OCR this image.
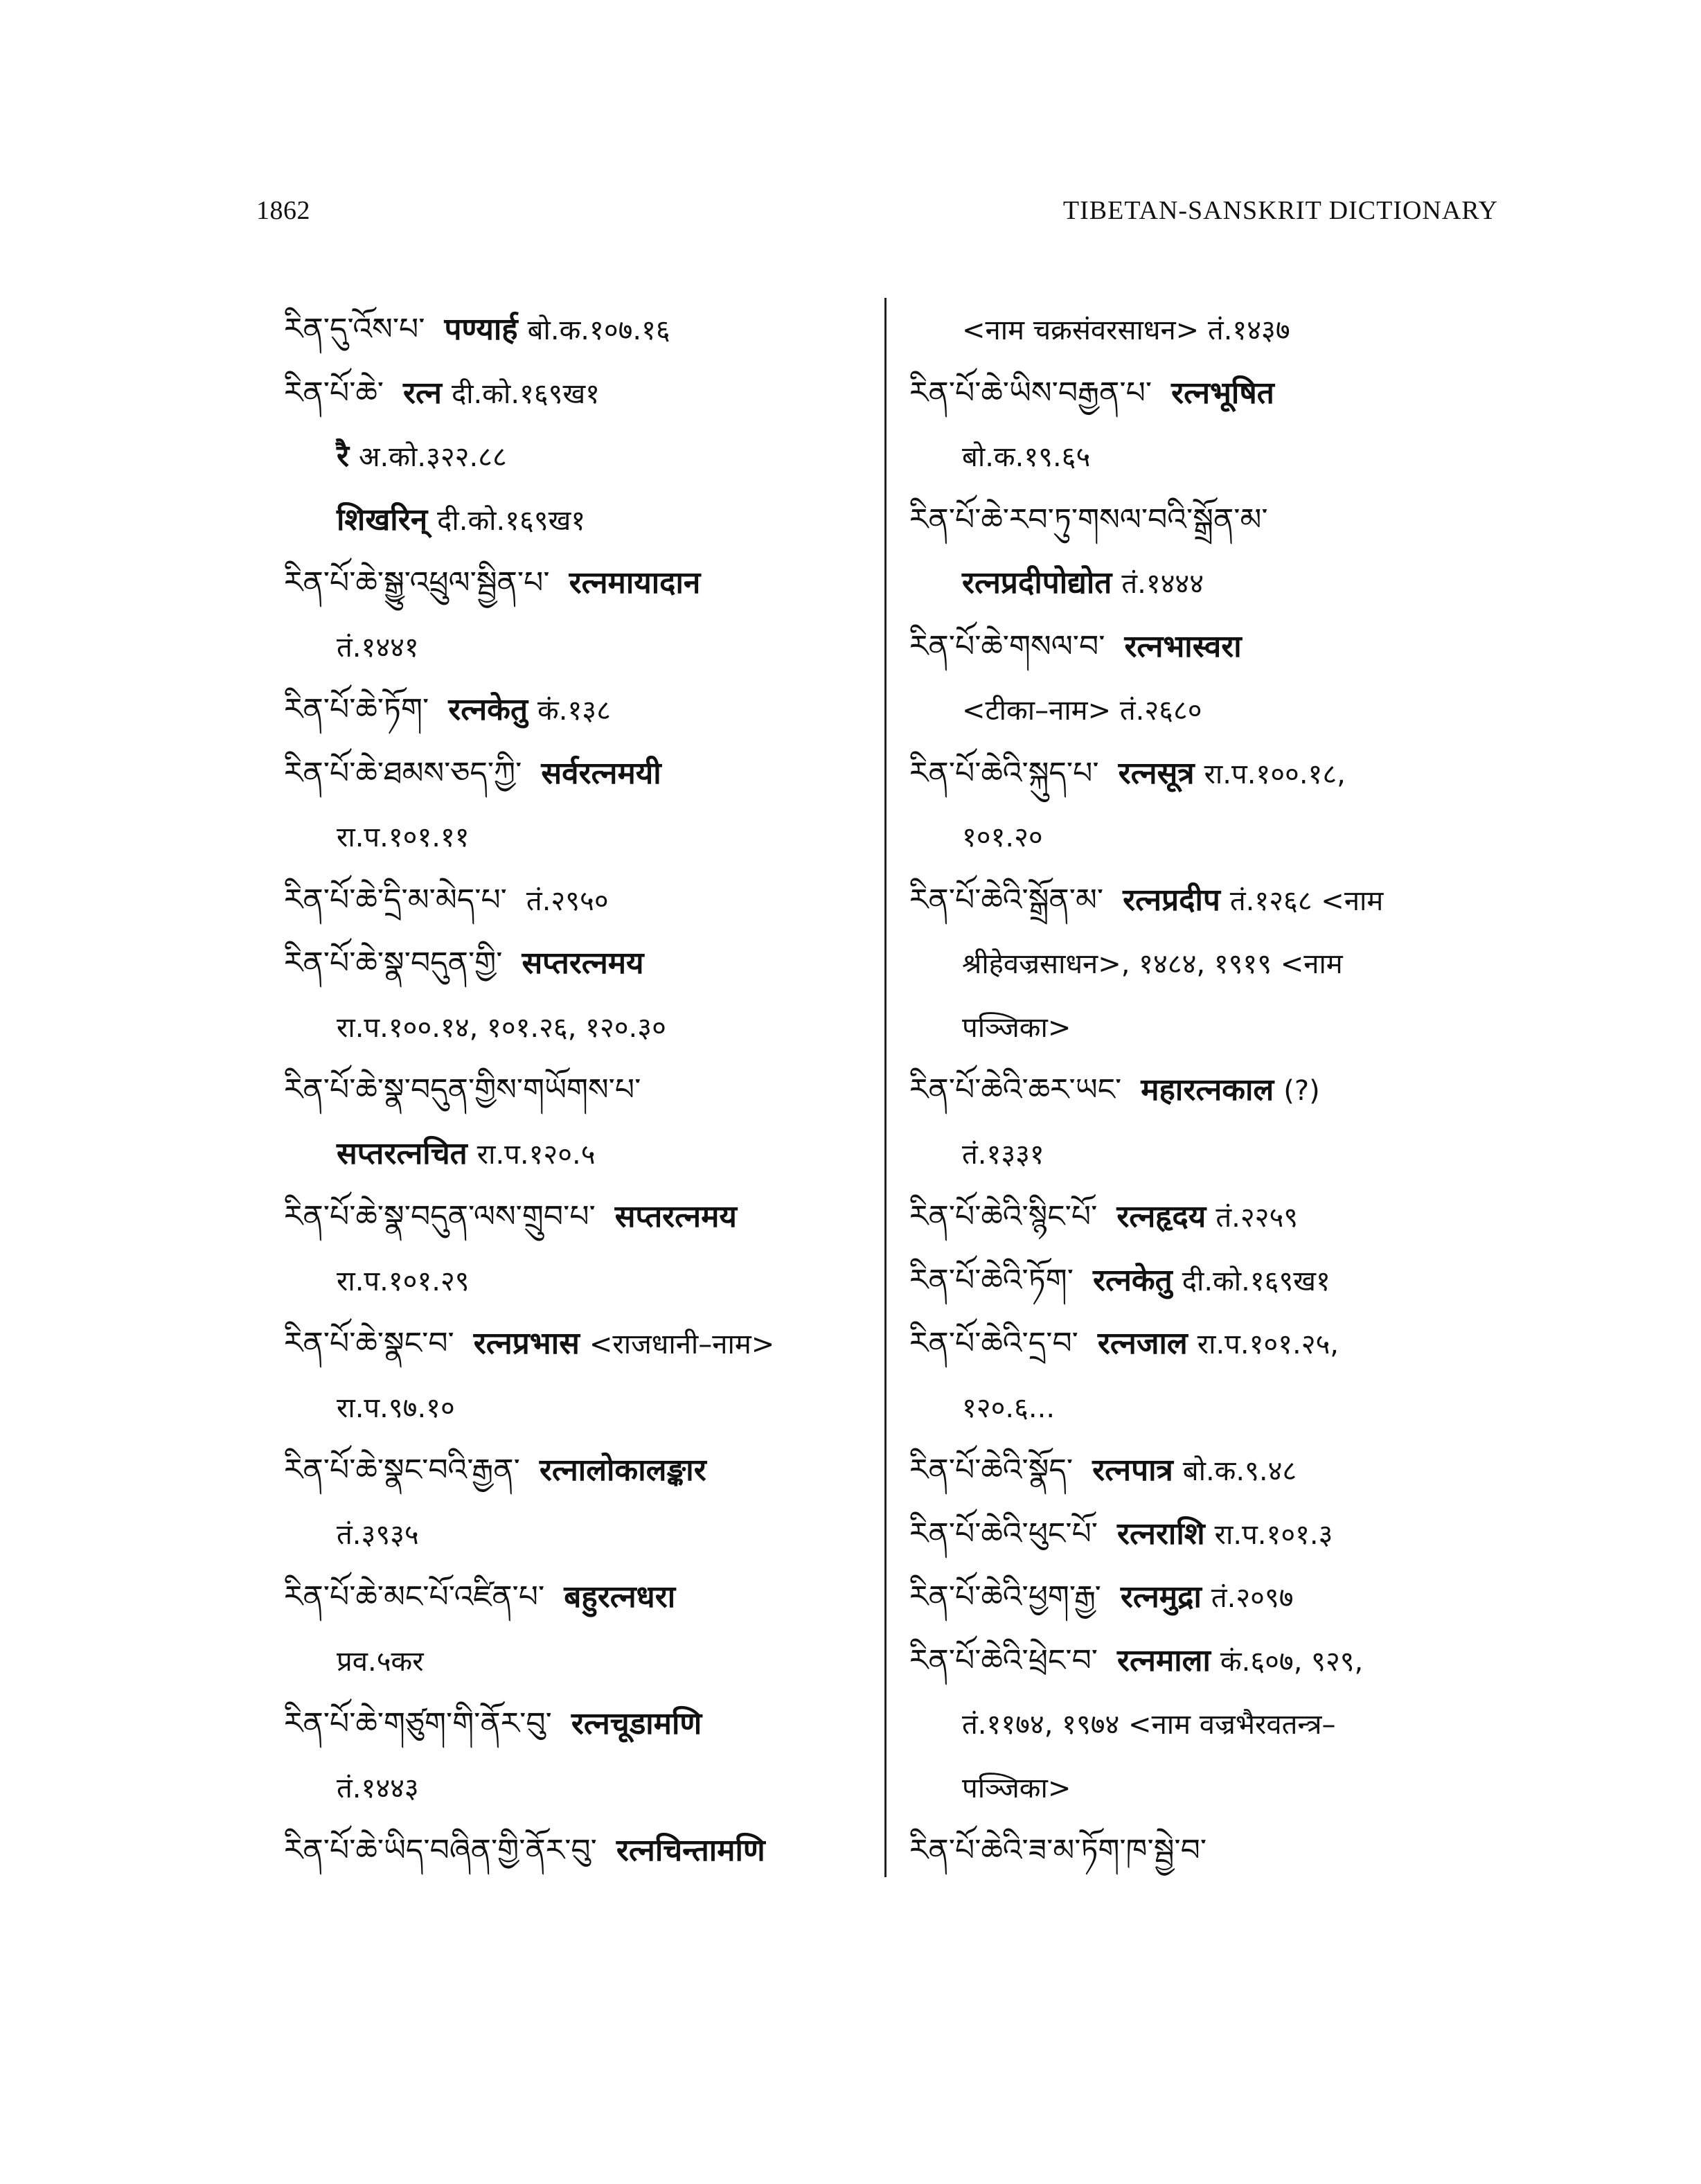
1862	TIBETAN-SANSKRIT DICTIONARY
རིན་དུ་འོས་པ་ पण्यार्ह बो.क.१०७.१६
རིན་པོ་ཆེ་ रत्न दी.को.१६९ख१
रै अ.को.३२२.८८
शिखरिन् दी.को.१६९ख१
རིན་པོ་ཆེ་སྒྱུ་འཕྲུལ་སྦྱིན་པ་ रत्नमायादान
तं.१४४१
རིན་པོ་ཆེ་ཏོག་ रत्नकेतु कं.१३८
རིན་པོ་ཆེ་ཐམས་ཅད་ཀྱི་ सर्वरत्नमयी
रा.प.१०१.११
རིན་པོ་ཆེ་དྲི་མ་མེད་པ་ तं.२९५०
རིན་པོ་ཆེ་སྣ་བདུན་གྱི་ सप्तरत्नमय
रा.प.१००.१४, १०१.२६, १२०.३०
རིན་པོ་ཆེ་སྣ་བདུན་གྱིས་གཡོགས་པ་
सप्तरत्नचित रा.प.१२०.५
རིན་པོ་ཆེ་སྣ་བདུན་ལས་གྲུབ་པ་ सप्तरत्नमय
रा.प.१०१.२९
རིན་པོ་ཆེ་སྣང་བ་ रत्नप्रभास <राजधानी–नाम>
रा.प.९७.१०
རིན་པོ་ཆེ་སྣང་བའི་རྒྱན་ रत्नालोकालङ्कार
तं.३९३५
རིན་པོ་ཆེ་མང་པོ་འཛིན་པ་ बहुरत्नधरा
प्रव.५कर
རིན་པོ་ཆེ་གཙུག་གི་ནོར་བུ་ रत्नचूडामणि
तं.१४४३
རིན་པོ་ཆེ་ཡིད་བཞིན་གྱི་ནོར་བུ་ रत्नचिन्तामणि
<नाम चक्रसंवरसाधन> तं.१४३७
རིན་པོ་ཆེ་ཡིས་བརྒྱན་པ་ रत्नभूषित
बो.क.१९.६५
རིན་པོ་ཆེ་རབ་ཏུ་གསལ་བའི་སྒྲོན་མ་
रत्नप्रदीपोद्योत तं.१४४४
རིན་པོ་ཆེ་གསལ་བ་ रत्नभास्वरा
<टीका–नाम> तं.२६८०
རིན་པོ་ཆེའི་སྐུད་པ་ रत्नसूत्र रा.प.१००.१८,
१०१.२०
རིན་པོ་ཆེའི་སྒྲོན་མ་ रत्नप्रदीप तं.१२६८ <नाम
श्रीहेवज्रसाधन>, १४८४, १९१९ <नाम
पञ्जिका>
རིན་པོ་ཆེའི་ཆར་ཡང་ महारत्नकाल (?)
तं.१३३१
རིན་པོ་ཆེའི་སྙིང་པོ་ रत्नहृदय तं.२२५९
རིན་པོ་ཆེའི་ཏོག་ रत्नकेतु दी.को.१६९ख१
རིན་པོ་ཆེའི་དྲ་བ་ रत्नजाल रा.प.१०१.२५,
१२०.६...
རིན་པོ་ཆེའི་སྣོད་ रत्नपात्र बो.क.९.४८
རིན་པོ་ཆེའི་ཕུང་པོ་ रत्नराशि रा.प.१०१.३
རིན་པོ་ཆེའི་ཕྱག་རྒྱ་ रत्नमुद्रा तं.२०९७
རིན་པོ་ཆེའི་ཕྲེང་བ་ रत्नमाला कं.६०७, ९२९,
तं.११७४, १९७४ <नाम वज्रभैरवतन्त्र–
पञ्जिका>
རིན་པོ་ཆེའི་ཟ་མ་ཏོག་ཁ་སྦྱེ་བ་
